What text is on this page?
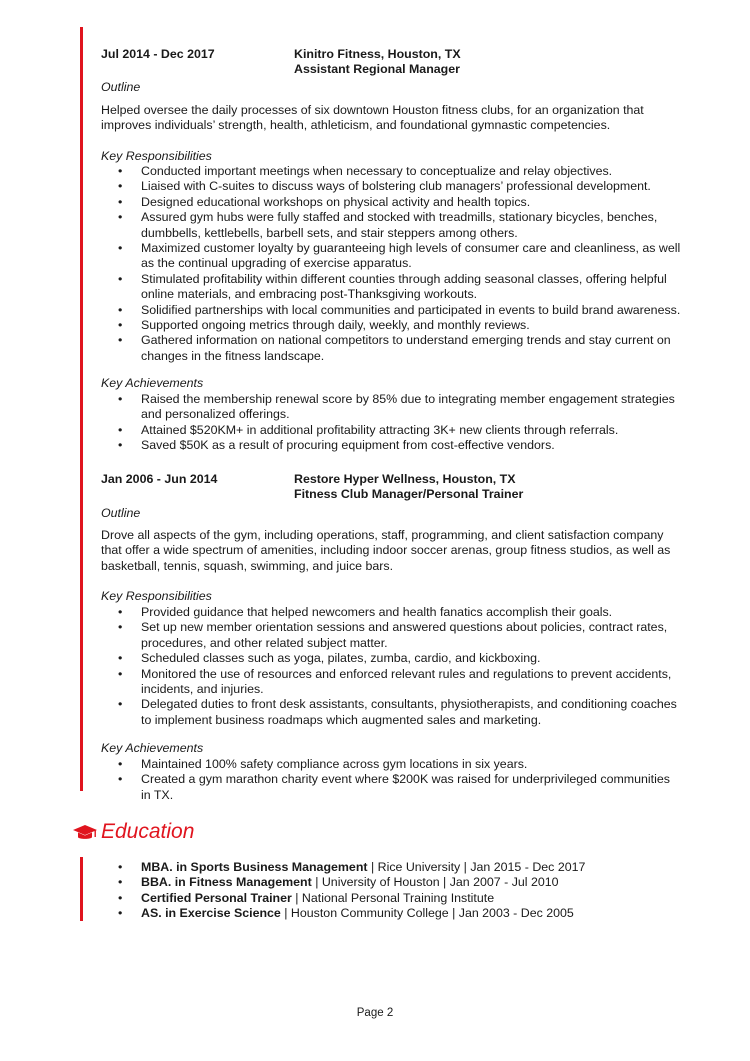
Jul 2014 - Dec 2017	Kinitro Fitness, Houston, TX
Assistant Regional Manager
Outline
Helped oversee the daily processes of six downtown Houston fitness clubs, for an organization that improves individuals’ strength, health, athleticism, and foundational gymnastic competencies.
Key Responsibilities
• Conducted important meetings when necessary to conceptualize and relay objectives.
• Liaised with C-suites to discuss ways of bolstering club managers’ professional development.
• Designed educational workshops on physical activity and health topics.
• Assured gym hubs were fully staffed and stocked with treadmills, stationary bicycles, benches, dumbbells, kettlebells, barbell sets, and stair steppers among others.
• Maximized customer loyalty by guaranteeing high levels of consumer care and cleanliness, as well as the continual upgrading of exercise apparatus.
• Stimulated profitability within different counties through adding seasonal classes, offering helpful online materials, and embracing post-Thanksgiving workouts.
• Solidified partnerships with local communities and participated in events to build brand awareness.
• Supported ongoing metrics through daily, weekly, and monthly reviews.
• Gathered information on national competitors to understand emerging trends and stay current on changes in the fitness landscape.
Key Achievements
• Raised the membership renewal score by 85% due to integrating member engagement strategies and personalized offerings.
• Attained $520KM+ in additional profitability attracting 3K+ new clients through referrals.
• Saved $50K as a result of procuring equipment from cost-effective vendors.
Jan 2006 - Jun 2014	Restore Hyper Wellness, Houston, TX
Fitness Club Manager/Personal Trainer
Outline
Drove all aspects of the gym, including operations, staff, programming, and client satisfaction company that offer a wide spectrum of amenities, including indoor soccer arenas, group fitness studios, as well as basketball, tennis, squash, swimming, and juice bars.
Key Responsibilities
• Provided guidance that helped newcomers and health fanatics accomplish their goals.
• Set up new member orientation sessions and answered questions about policies, contract rates, procedures, and other related subject matter.
• Scheduled classes such as yoga, pilates, zumba, cardio, and kickboxing.
• Monitored the use of resources and enforced relevant rules and regulations to prevent accidents, incidents, and injuries.
• Delegated duties to front desk assistants, consultants, physiotherapists, and conditioning coaches to implement business roadmaps which augmented sales and marketing.
Key Achievements
• Maintained 100% safety compliance across gym locations in six years.
• Created a gym marathon charity event where $200K was raised for underprivileged communities in TX.
Education
• MBA. in Sports Business Management | Rice University | Jan 2015 - Dec 2017
• BBA. in Fitness Management | University of Houston | Jan 2007 - Jul 2010
• Certified Personal Trainer | National Personal Training Institute
• AS. in Exercise Science | Houston Community College | Jan 2003 - Dec 2005
Page 2
